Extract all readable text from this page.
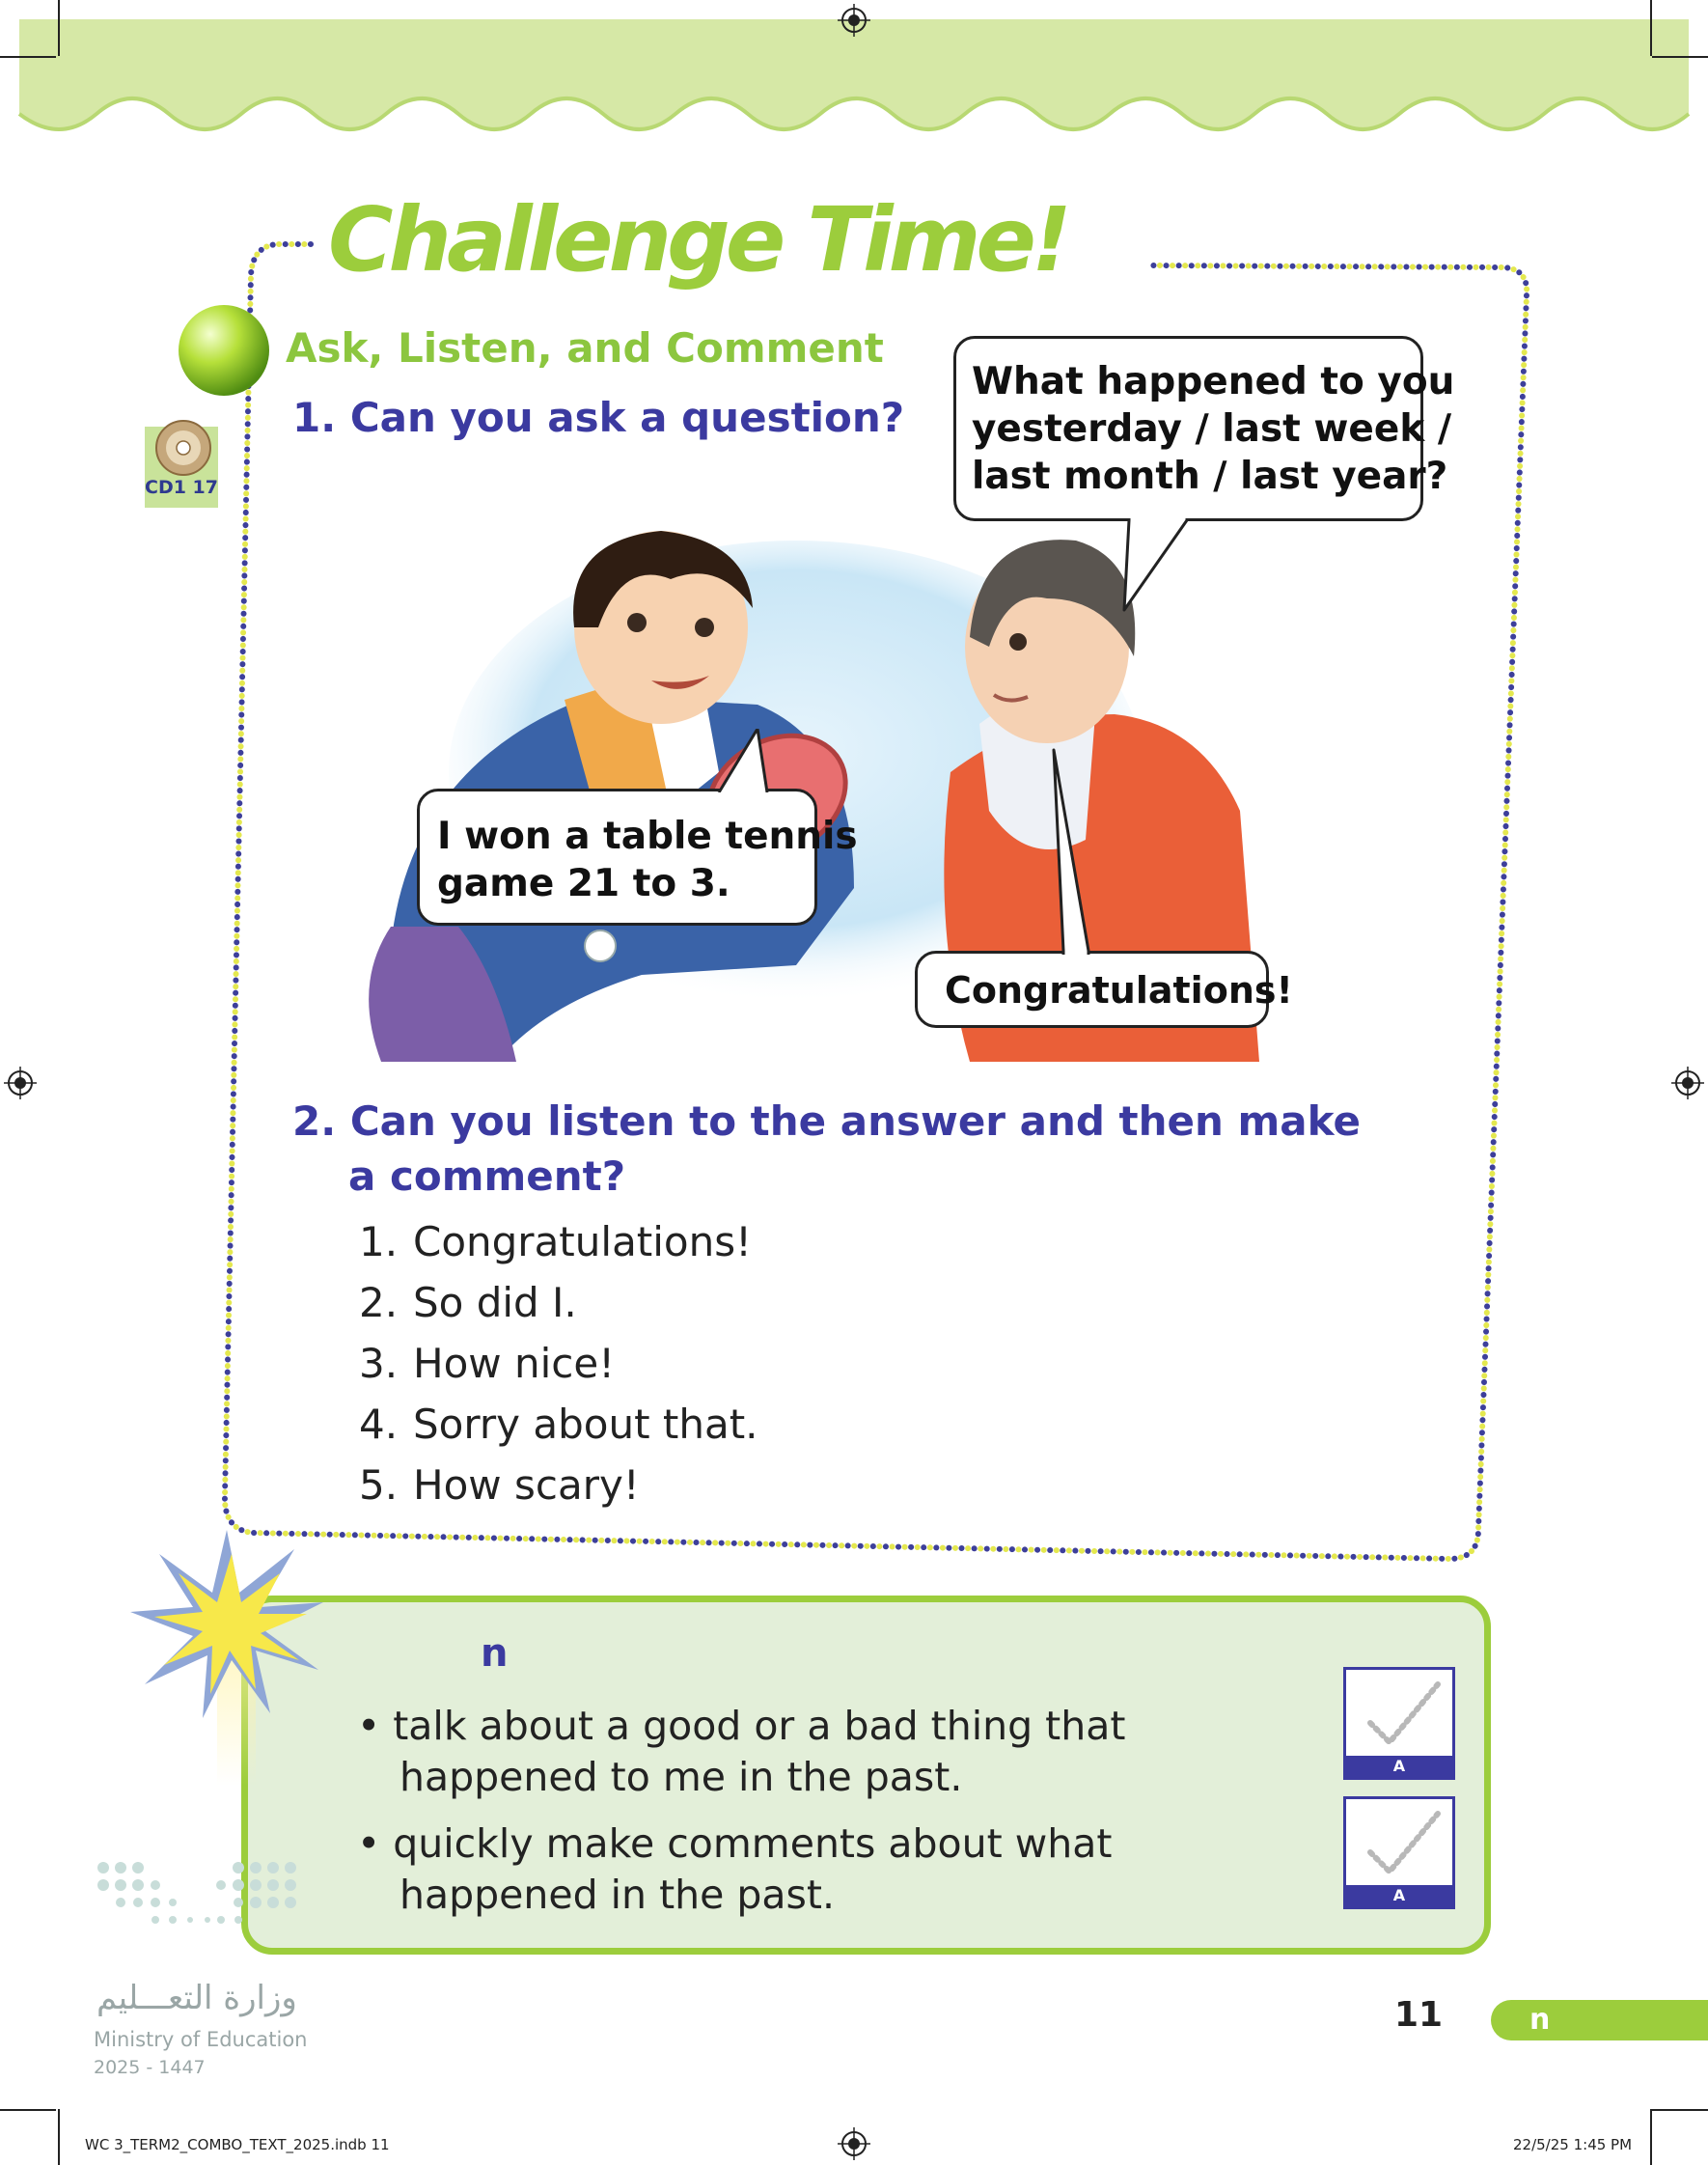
Challenge Time!
Ask, Listen, and Comment
CD1 17
1. Can you ask a question?
What happened to you
yesterday / last week /
last month / last year?
I won a table tennis
game 21 to 3.
Congratulations!
2. Can you listen to the answer and then make
a comment?
1. Congratulations!
2. So did I.
3. How nice!
4. Sorry about that.
5. How scary!
n
• talk about a good or a bad thing that
happened to me in the past.
• quickly make comments about what
happened in the past.
A
A
وزارة التعـــليم
Ministry of Education
2025 - 1447
11	n
WC 3_TERM2_COMBO_TEXT_2025.indb 11	22/5/25 1:45 PM
